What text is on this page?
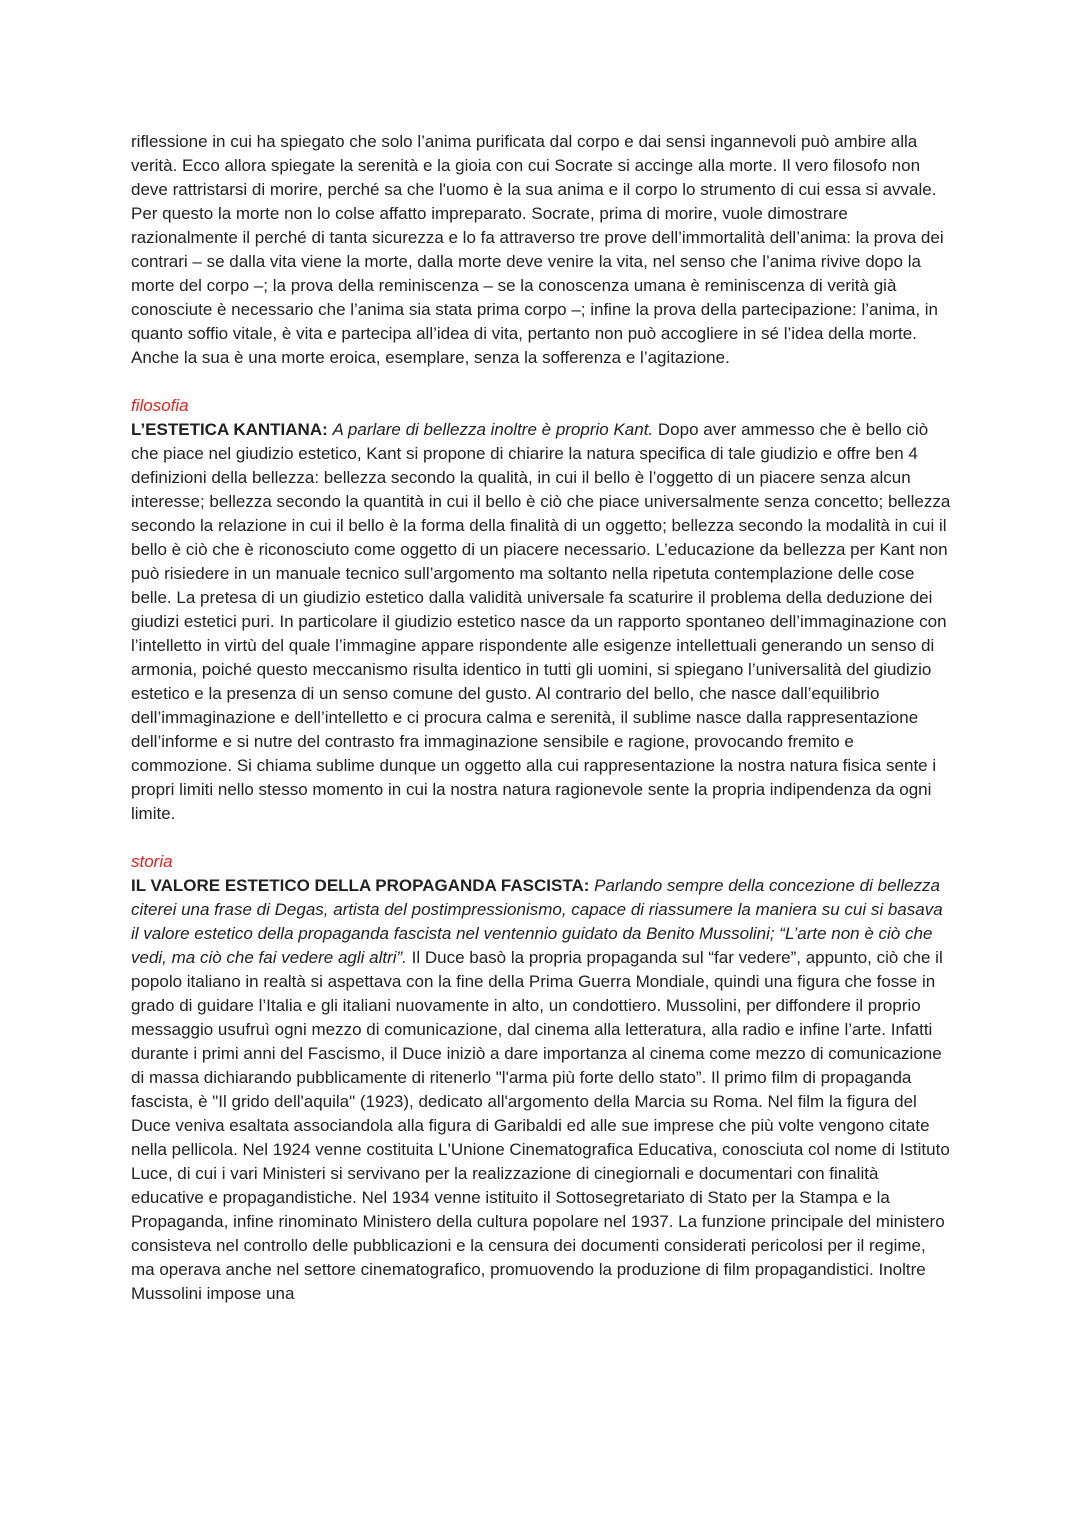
riflessione in cui ha spiegato che solo l’anima purificata dal corpo e dai sensi ingannevoli può ambire alla verità. Ecco allora spiegate la serenità e la gioia con cui Socrate si accinge alla morte. Il vero filosofo non deve rattristarsi di morire, perché sa che l'uomo è la sua anima e il corpo lo strumento di cui essa si avvale. Per questo la morte non lo colse affatto impreparato. Socrate, prima di morire, vuole dimostrare razionalmente il perché di tanta sicurezza e lo fa attraverso tre prove dell’immortalità dell’anima: la prova dei contrari – se dalla vita viene la morte, dalla morte deve venire la vita, nel senso che l’anima rivive dopo la morte del corpo –; la prova della reminiscenza – se la conoscenza umana è reminiscenza di verità già conosciute è necessario che l’anima sia stata prima corpo –; infine la prova della partecipazione: l’anima, in quanto soffio vitale, è vita e partecipa all’idea di vita, pertanto non può accogliere in sé l’idea della morte. Anche la sua è una morte eroica, esemplare, senza la sofferenza e l’agitazione.

filosofia

L’ESTETICA KANTIANA: A parlare di bellezza inoltre è proprio Kant. Dopo aver ammesso che è bello ciò che piace nel giudizio estetico, Kant si propone di chiarire la natura specifica di tale giudizio e offre ben 4 definizioni della bellezza: bellezza secondo la qualità, in cui il bello è l’oggetto di un piacere senza alcun interesse; bellezza secondo la quantità in cui il bello è ciò che piace universalmente senza concetto; bellezza secondo la relazione in cui il bello è la forma della finalità di un oggetto; bellezza secondo la modalità in cui il bello è ciò che è riconosciuto come oggetto di un piacere necessario. L’educazione da bellezza per Kant non può risiedere in un manuale tecnico sull’argomento ma soltanto nella ripetuta contemplazione delle cose belle. La pretesa di un giudizio estetico dalla validità universale fa scaturire il problema della deduzione dei giudizi estetici puri. In particolare il giudizio estetico nasce da un rapporto spontaneo dell’immaginazione con l’intelletto in virtù del quale l’immagine appare rispondente alle esigenze intellettuali generando un senso di armonia, poiché questo meccanismo risulta identico in tutti gli uomini, si spiegano l’universalità del giudizio estetico e la presenza di un senso comune del gusto. Al contrario del bello, che nasce dall’equilibrio dell’immaginazione e dell’intelletto e ci procura calma e serenità, il sublime nasce dalla rappresentazione dell’informe e si nutre del contrasto fra immaginazione sensibile e ragione, provocando fremito e commozione. Si chiama sublime dunque un oggetto alla cui rappresentazione la nostra natura fisica sente i propri limiti nello stesso momento in cui la nostra natura ragionevole sente la propria indipendenza da ogni limite.

storia

IL VALORE ESTETICO DELLA PROPAGANDA FASCISTA: Parlando sempre della concezione di bellezza citerei una frase di Degas, artista del postimpressionismo, capace di riassumere la maniera su cui si basava il valore estetico della propaganda fascista nel ventennio guidato da Benito Mussolini; “L’arte non è ciò che vedi, ma ciò che fai vedere agli altri”. Il Duce basò la propria propaganda sul “far vedere”, appunto, ciò che il popolo italiano in realtà si aspettava con la fine della Prima Guerra Mondiale, quindi una figura che fosse in grado di guidare l’Italia e gli italiani nuovamente in alto, un condottiero. Mussolini, per diffondere il proprio messaggio usufruì ogni mezzo di comunicazione, dal cinema alla letteratura, alla radio e infine l’arte. Infatti durante i primi anni del Fascismo, il Duce iniziò a dare importanza al cinema come mezzo di comunicazione di massa dichiarando pubblicamente di ritenerlo "l'arma più forte dello stato”. Il primo film di propaganda fascista, è "Il grido dell'aquila" (1923), dedicato all'argomento della Marcia su Roma. Nel film la figura del Duce veniva esaltata associandola alla figura di Garibaldi ed alle sue imprese che più volte vengono citate nella pellicola. Nel 1924 venne costituita L'Unione Cinematografica Educativa, conosciuta col nome di Istituto Luce, di cui i vari Ministeri si servivano per la realizzazione di cinegiornali e documentari con finalità educative e propagandistiche. Nel 1934 venne istituito il Sottosegretariato di Stato per la Stampa e la Propaganda, infine rinominato Ministero della cultura popolare nel 1937. La funzione principale del ministero consisteva nel controllo delle pubblicazioni e la censura dei documenti considerati pericolosi per il regime, ma operava anche nel settore cinematografico, promuovendo la produzione di film propagandistici. Inoltre Mussolini impose una
